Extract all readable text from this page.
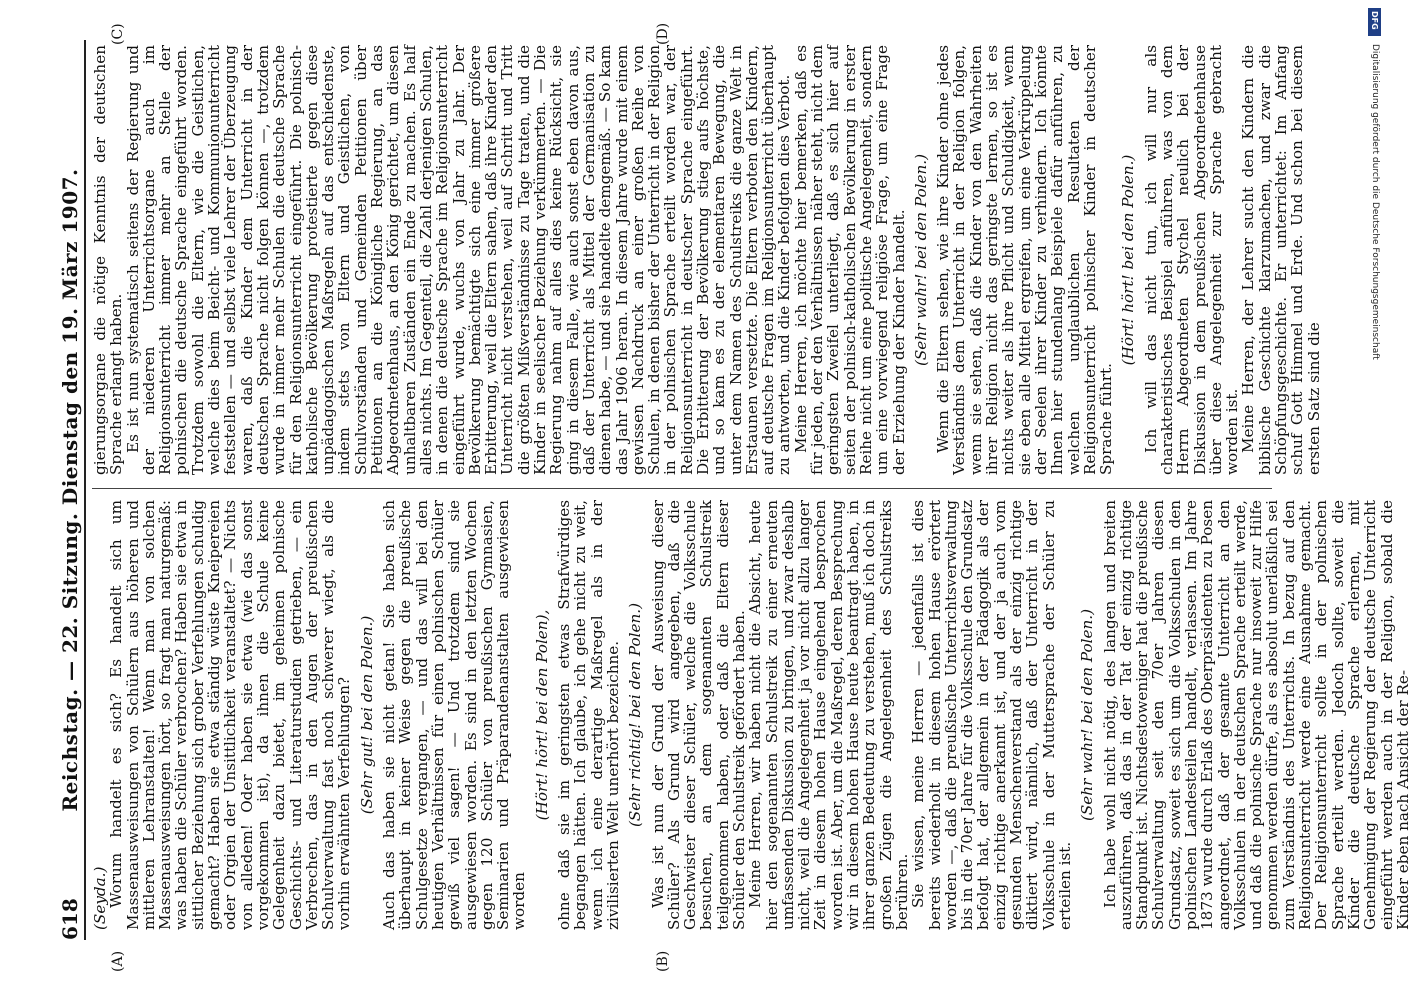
618
Reichstag. — 22. Sitzung. Dienstag den 19. März 1907.
(A)	(B)
(C)	(D)

(Seyda.)

Worum handelt es sich? Es handelt sich um Massenausweisungen von Schülern aus höheren und mittleren Lehranstalten! Wenn man von solchen Massenausweisungen hört, so fragt man naturgemäß: was haben die Schüler verbrochen? Haben sie etwa in sittlicher Beziehung sich grober Verfehlungen schuldig gemacht? Haben sie etwa ständig wüste Kneipereien oder Orgien der Unsittlichkeit veranstaltet? — Nichts von alledem! Oder haben sie etwa (wie das sonst vorgekommen ist), da ihnen die Schule keine Gelegenheit dazu bietet, im geheimen polnische Geschichts- und Literaturstudien getrieben, — ein Verbrechen, das in den Augen der preußischen Schulverwaltung fast noch schwerer wiegt, als die vorhin erwähnten Verfehlungen? (Sehr gut! bei den Polen.) Auch das haben sie nicht getan! Sie haben sich überhaupt in keiner Weise gegen die preußische Schulgesetze vergangen, — und das will bei den heutigen Verhältnissen für einen polnischen Schüler gewiß viel sagen! — Und trotzdem sind sie ausgewiesen worden. Es sind in den letzten Wochen gegen 120 Schüler von preußischen Gymnasien, Seminarien und Präparandenanstalten ausgewiesen worden

(Hört! hört! bei den Polen), ohne daß sie im geringsten etwas Strafwürdiges begangen hätten. Ich glaube, ich gehe nicht zu weit, wenn ich eine derartige Maßregel als in der zivilisierten Welt unerhört bezeichne. (Sehr richtig! bei den Polen.) Was ist nun der Grund der Ausweisung dieser Schüler? Als Grund wird angegeben, daß die Geschwister dieser Schüler, welche die Volksschule besuchen, an dem sogenannten Schulstreik teilgenommen haben, oder daß die Eltern dieser Schüler den Schulstreik gefördert haben.

Meine Herren, wir haben nicht die Absicht, heute hier den sogenannten Schulstreik zu einer erneuten umfassenden Diskussion zu bringen, und zwar deshalb nicht, weil die Angelegenheit ja vor nicht allzu langer Zeit in diesem hohen Hause eingehend besprochen worden ist. Aber, um die Maßregel, deren Besprechung wir in diesem hohen Hause heute beantragt haben, in ihrer ganzen Bedeutung zu verstehen, muß ich doch in großen Zügen die Angelegenheit des Schulstreiks berühren.

Sie wissen, meine Herren — jedenfalls ist dies bereits wiederholt in diesem hohen Hause erörtert worden —, daß die preußische Unterrichtsverwaltung bis in die 70er Jahre für die Volksschule den Grundsatz befolgt hat, der allgemein in der Pädagogik als der einzig richtige anerkannt ist, und der ja auch vom gesunden Menschenverstand als der einzig richtige diktiert wird, nämlich, daß der Unterricht in der Volksschule in der Muttersprache der Schüler zu erteilen ist.

(Sehr wahr! bei den Polen.) Ich habe wohl nicht nötig, des langen und breiten auszuführen, daß das in der Tat der einzig richtige Standpunkt ist. Nichtsdestoweniger hat die preußische Schulverwaltung seit den 70er Jahren diesen Grundsatz, soweit es sich um die Volksschulen in den polnischen Landesteilen handelt, verlassen. Im Jahre 1873 wurde durch Erlaß des Oberpräsidenten zu Posen angeordnet, daß der gesamte Unterricht an den Volksschulen in der deutschen Sprache erteilt werde, und daß die polnische Sprache nur insoweit zur Hilfe genommen werden dürfe, als es absolut unerläßlich sei zum Verständnis des Unterrichts. In bezug auf den Religionsunterricht werde eine Ausnahme gemacht. Der Religionsunterricht sollte in der polnischen Sprache erteilt werden. Jedoch sollte, soweit die Kinder die deutsche Sprache erlernen, mit Genehmigung der Regierung der deutsche Unterricht eingeführt werden auch in der Religion, sobald die Kinder eben nach Ansicht der Re-

gierungsorgane die nötige Kenntnis der deutschen Sprache erlangt haben.

Es ist nun systematisch seitens der Regierung und der niederen Unterrichtsorgane auch im Religionsunterricht immer mehr an Stelle der polnischen die deutsche Sprache eingeführt worden. Trotzdem sowohl die Eltern, wie die Geistlichen, welche dies beim Beicht- und Kommunionunterricht feststellen — und selbst viele Lehrer der Überzeugung waren, daß die Kinder dem Unterricht in der deutschen Sprache nicht folgen können —, trotzdem wurde in immer mehr Schulen die deutsche Sprache für den Religionsunterricht eingeführt. Die polnisch-katholische Bevölkerung protestierte gegen diese unpädagogischen Maßregeln auf das entschiedenste, indem stets von Eltern und Geistlichen, von Schulvorständen und Gemeinden Petitionen über Petitionen an die Königliche Regierung, an das Abgeordnetenhaus, an den König gerichtet, um diesen unhaltbaren Zuständen ein Ende zu machen. Es half alles nichts. Im Gegenteil, die Zahl derjenigen Schulen, in denen die deutsche Sprache im Religionsunterricht eingeführt wurde, wuchs von Jahr zu Jahr. Der Bevölkerung bemächtigte sich eine immer größere Erbitterung, weil die Eltern sahen, daß ihre Kinder den Unterricht nicht verstehen, weil auf Schritt und Tritt die größten Mißverständnisse zu Tage traten, und die Kinder in seelischer Beziehung verkümmerten. — Die Regierung nahm auf alles dies keine Rücksicht, sie ging in diesem Falle, wie auch sonst eben davon aus, daß der Unterricht als Mittel der Germanisation zu dienen habe, — und sie handelte demgemäß. — So kam das Jahr 1906 heran. In diesem Jahre wurde mit einem gewissen Nachdruck an einer großen Reihe von Schulen, in denen bisher der Unterricht in der Religion in der polnischen Sprache erteilt worden war, der Religionsunterricht in deutscher Sprache eingeführt. Die Erbitterung der Bevölkerung stieg aufs höchste, und so kam es zu der elementaren Bewegung, die unter dem Namen des Schulstreiks die ganze Welt in Erstaunen versetzte. Die Eltern verboten den Kindern, auf deutsche Fragen im Religionsunterricht überhaupt zu antworten, und die Kinder befolgten dies Verbot.

Meine Herren, ich möchte hier bemerken, daß es für jeden, der den Verhältnissen näher steht, nicht dem geringsten Zweifel unterliegt, daß es sich hier auf seiten der polnisch-katholischen Bevölkerung in erster Reihe nicht um eine politische Angelegenheit, sondern um eine vorwiegend religiöse Frage, um eine Frage der Erziehung der Kinder handelt. (Sehr wahr! bei den Polen.) Wenn die Eltern sehen, wie ihre Kinder ohne jedes Verständnis dem Unterricht in der Religion folgen, wenn sie sehen, daß die Kinder von den Wahrheiten ihrer Religion nicht das geringste lernen, so ist es nichts weiter als ihre Pflicht und Schuldigkeit, wenn sie eben alle Mittel ergreifen, um eine Verkrüppelung der Seelen ihrer Kinder zu verhindern. Ich könnte Ihnen hier stundenlang Beispiele dafür anführen, zu welchen unglaublichen Resultaten der Religionsunterricht polnischer Kinder in deutscher Sprache führt.

(Hört! hört! bei den Polen.) Ich will das nicht tun, ich will nur als charakteristisches Beispiel anführen, was von dem Herrn Abgeordneten Stychel neulich bei der Diskussion in dem preußischen Abgeordnetenhause über diese Angelegenheit zur Sprache gebracht worden ist.

Meine Herren, der Lehrer sucht den Kindern die biblische Geschichte klarzumachen, und zwar die Schöpfungsgeschichte. Er unterrichtet: Im Anfang schuf Gott Himmel und Erde. Und schon bei diesem ersten Satz sind die

DFG
Digitalisierung gefördert durch die Deutsche Forschungsgemeinschaft
